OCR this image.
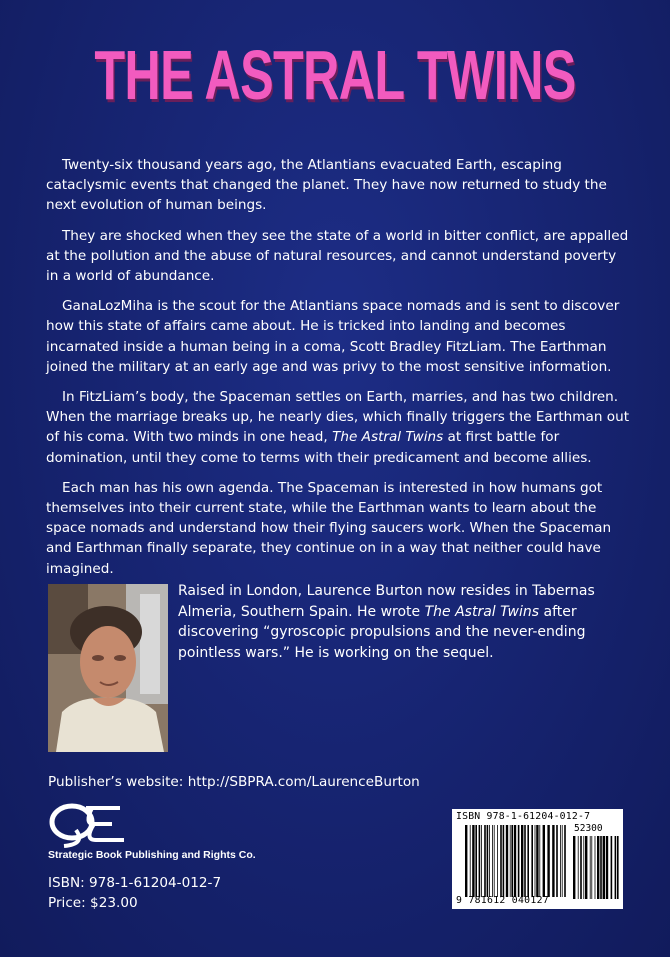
THE ASTRAL TWINS

Twenty-six thousand years ago, the Atlantians evacuated Earth, escaping cataclysmic events that changed the planet. They have now returned to study the next evolution of human beings.

They are shocked when they see the state of a world in bitter conflict, are appalled at the pollution and the abuse of natural resources, and cannot understand poverty in a world of abundance.

GanaLozMiha is the scout for the Atlantians space nomads and is sent to discover how this state of affairs came about. He is tricked into landing and becomes incarnated inside a human being in a coma, Scott Bradley FitzLiam. The Earthman joined the military at an early age and was privy to the most sensitive information.

In FitzLiam’s body, the Spaceman settles on Earth, marries, and has two children. When the marriage breaks up, he nearly dies, which finally triggers the Earthman out of his coma. With two minds in one head, The Astral Twins at first battle for domination, until they come to terms with their predicament and become allies.

Each man has his own agenda. The Spaceman is interested in how humans got themselves into their current state, while the Earthman wants to learn about the space nomads and understand how their flying saucers work. When the Spaceman and Earthman finally separate, they continue on in a way that neither could have imagined.

Raised in London, Laurence Burton now resides in Tabernas Almeria, Southern Spain. He wrote The Astral Twins after discovering “gyroscopic propulsions and the never-ending pointless wars.” He is working on the sequel.

Publisher’s website: http://SBPRA.com/LaurenceBurton
Strategic Book Publishing and Rights Co.
ISBN: 978-1-61204-012-7
Price: $23.00
ISBN 978-1-61204-012-7
52300
9 781612 040127
